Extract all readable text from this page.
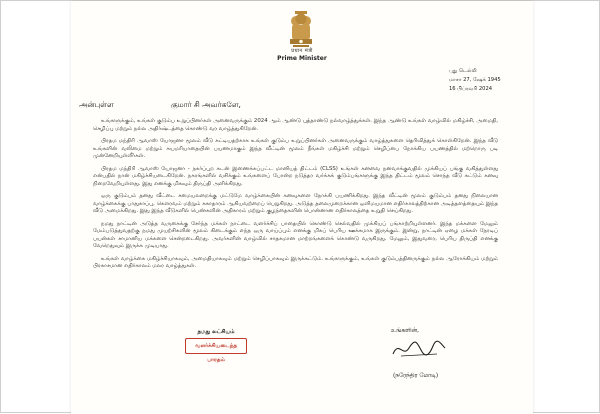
प्रधान मंत्री
Prime Minister
புது டெல்லி
மாசா 27, ஷேக் 1945
16 பிப்ரவரி 2024
அன்புள்ள	குமார் சி அவர்களே,

உங்களுக்கும், உங்கள் குடும்ப உறுப்பினர்கள் அனைவருக்கும் 2024 ஆம் ஆண்டு புத்தாண்டு நல்வாழ்த்துக்கள். இந்த ஆண்டு உங்கள் வாழ்வில் மகிழ்ச்சி, அமைதி, செழிப்பு மற்றும் நல்ல அதிர்ஷ்டத்தை கொண்டு வர வாழ்த்துகிறேன்.

பிரதம மந்திரி ஆவாஸ் யோஜனா மூலம் வீடு கட்டியதற்காக உங்கள் குடும்ப உறுப்பினர்கள் அனைவருக்கும் வாழ்த்துகளை தெரிவித்துக் கொள்கிறேன். இந்த வீடு உங்களின் வலிமை மற்றும் சுயமரியாதையின் பயணமாகும் இந்த வீட்டின் மூலம் நீங்கள் மகிழ்ச்சி மற்றும் செழிப்பை நோக்கிய பயணத்தில் மற்றொரு படி முன்னேறியுள்ளீர்கள்.

பிரதம மந்திரி ஆவாஸ் யோஜனா - நகர்ப்புற கடன் இணைக்கப்பட்ட மானியத் திட்டம் (CLSS) உங்கள் கனவை நனவாக்குவதில் முக்கியப் பங்கு வகித்துள்ளது என்பதில் நான் மகிழ்ச்சியடைகிறேன். நகரங்களில் வசிக்கும் உங்களைப் போன்ற நடுத்தர வர்க்கக் குடும்பங்களுக்கு இந்த திட்டம் மூலம் சொந்த வீடு கட்டும் கனவு நிறைவேறியுள்ளது. இது எனக்கு மிகவும் திருப்தி அளிக்கிறது.

ஒரு குடும்பம் தனது வீட்டை சமையலறைக்கு மட்டுமே வாழ்க்கையின் கனவுகளை நோக்கி பயணிக்கிறது. இந்த வீட்டின் மூலம் குடும்பம் தனது நிலையான வாழ்க்கைக்கு பாதுகாப்பு, கௌரவம் மற்றும் சுகாதாரம் ஆகியவற்றைப் பெறுகிறது. அடுத்த தலைமுறைக்கான ஒளிமயமான எதிர்காலத்திற்கான அடித்தளத்தையும் இந்த வீடு அமைக்கிறது. இது இந்த வீடுகளில் பெண்களின் அதிகாரம் மற்றும் குழந்தைகளின் பொன்னான எதிர்காலத்தை உறுதி செய்கிறது.

நமது நாட்டின் அடுத்த வருகைக்கு சேர்ந்த மக்கள் நாட்டை வளர்ச்சிப் பாதையில் கொண்டு செல்வதில் முக்கியப் பங்காற்றியுள்ளனர். இந்த மக்களை மேலும் மேம்படுத்துவதற்கு நமது முயற்சிகளின் மூலம் கிடைக்கும் எந்த ஒரு வாய்ப்பும் எனக்கு மிகப் பெரிய ஊக்கமாக இருக்கும். இன்று, நாட்டின் ஏழை மக்கள் நேரடிப் பயன்கள் சாமானிய மக்களை சென்றடைகிறது. அவர்களின் வாழ்வில் சாதகமான மாற்றங்களைக் கொண்டு வருகிறது. மேலும், இதுவரை, பெரிய திருப்தி எனக்கு வேறெதுவும் இருக்க முடியாது.

உங்கள் வாழ்க்கை மகிழ்ச்சியாகவும், அமைதியாகவும் மற்றும் செழிப்பாகவும் இருக்கட்டும். உங்களுக்கும், உங்கள் குடும்பத்தினருக்கும் நல்ல ஆரோக்கியம் மற்றும் பிரகாசமான எதிர்காலம் மலர வாழ்த்துகள்.

நமது லட்சியம்
வளர்ச்சியடைந்த பாரதம்
உங்களின்,
(நரேந்திர மோடி)
